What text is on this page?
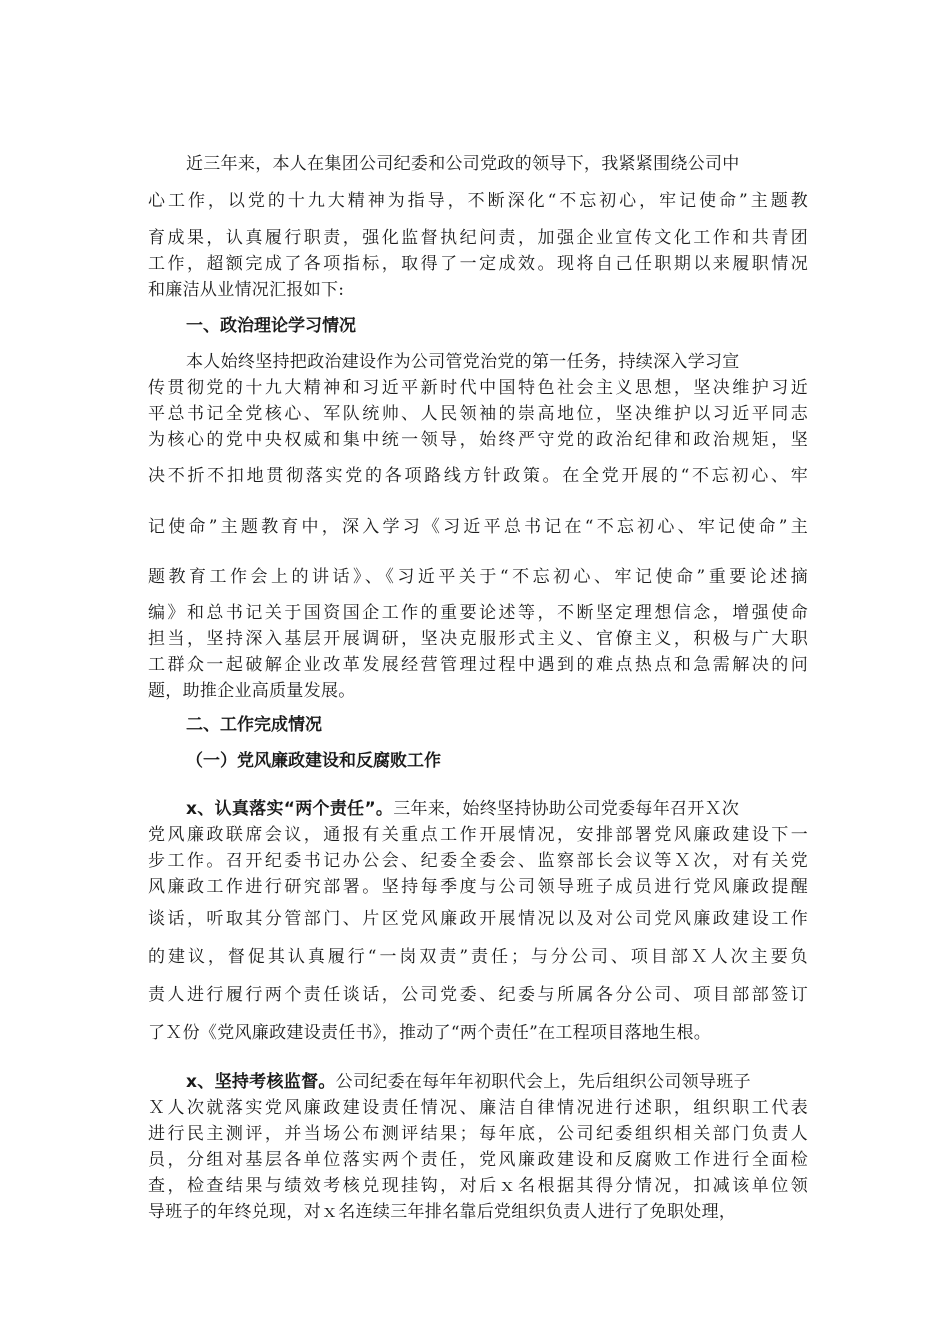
近三年来，本人在集团公司纪委和公司党政的领导下，我紧紧围绕公司中
心工作，以党的十九大精神为指导，不断深化“不忘初心，牢记使命”主题教
育成果，认真履行职责，强化监督执纪问责，加强企业宣传文化工作和共青团
工作，超额完成了各项指标，取得了一定成效。现将自己任职期以来履职情况
和廉洁从业情况汇报如下:
一、政治理论学习情况
本人始终坚持把政治建设作为公司管党治党的第一任务，持续深入学习宣
传贯彻党的十九大精神和习近平新时代中国特色社会主义思想，坚决维护习近
平总书记全党核心、军队统帅、人民领袖的崇高地位，坚决维护以习近平同志
为核心的党中央权威和集中统一领导，始终严守党的政治纪律和政治规矩，坚
决不折不扣地贯彻落实党的各项路线方针政策。在全党开展的“不忘初心、牢
记使命”主题教育中，深入学习《习近平总书记在“不忘初心、牢记使命”主
题教育工作会上的讲话》、《习近平关于“不忘初心、牢记使命”重要论述摘
编》和总书记关于国资国企工作的重要论述等，不断坚定理想信念，增强使命
担当，坚持深入基层开展调研，坚决克服形式主义、官僚主义，积极与广大职
工群众一起破解企业改革发展经营管理过程中遇到的难点热点和急需解决的问
题，助推企业高质量发展。
二、工作完成情况
（一）党风廉政建设和反腐败工作
x、认真落实“两个责任”。三年来，始终坚持协助公司党委每年召开Ｘ次
党风廉政联席会议，通报有关重点工作开展情况，安排部署党风廉政建设下一
步工作。召开纪委书记办公会、纪委全委会、监察部长会议等Ｘ次，对有关党
风廉政工作进行研究部署。坚持每季度与公司领导班子成员进行党风廉政提醒
谈话，听取其分管部门、片区党风廉政开展情况以及对公司党风廉政建设工作
的建议，督促其认真履行“一岗双责”责任；与分公司、项目部Ｘ人次主要负
责人进行履行两个责任谈话，公司党委、纪委与所属各分公司、项目部部签订
了Ｘ份《党风廉政建设责任书》，推动了“两个责任”在工程项目落地生根。
x、坚持考核监督。公司纪委在每年年初职代会上，先后组织公司领导班子
Ｘ人次就落实党风廉政建设责任情况、廉洁自律情况进行述职，组织职工代表
进行民主测评，并当场公布测评结果；每年底，公司纪委组织相关部门负责人
员，分组对基层各单位落实两个责任，党风廉政建设和反腐败工作进行全面检
查，检查结果与绩效考核兑现挂钩，对后ｘ名根据其得分情况，扣减该单位领
导班子的年终兑现，对ｘ名连续三年排名靠后党组织负责人进行了免职处理，
